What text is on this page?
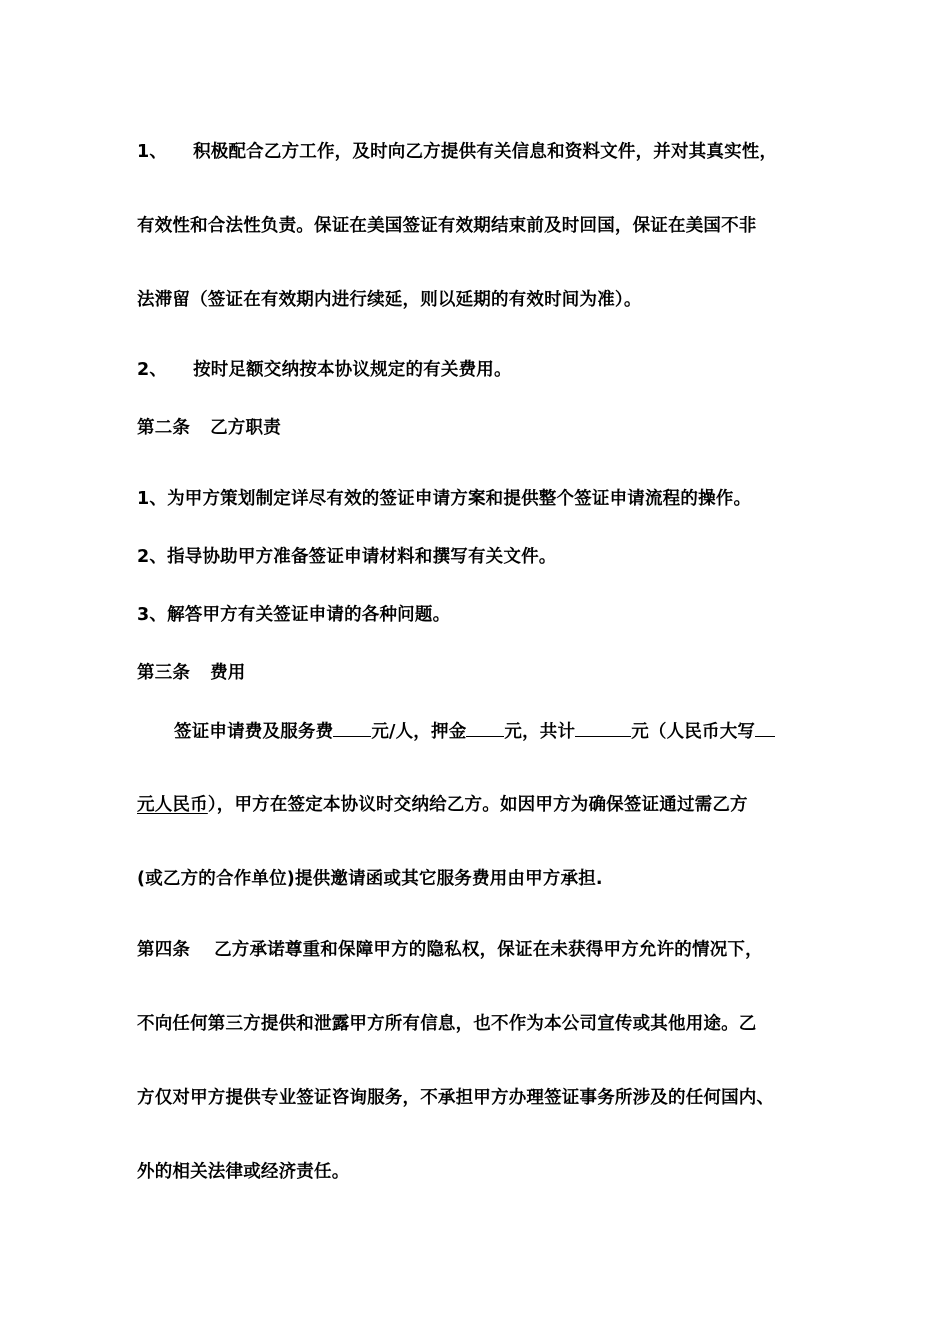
1、 积极配合乙方工作，及时向乙方提供有关信息和资料文件，并对其真实性，
有效性和合法性负责。保证在美国签证有效期结束前及时回国，保证在美国不非
法滞留（签证在有效期内进行续延，则以延期的有效时间为准）。
2、 按时足额交纳按本协议规定的有关费用。
第二条 乙方职责
1、为甲方策划制定详尽有效的签证申请方案和提供整个签证申请流程的操作。
2、指导协助甲方准备签证申请材料和撰写有关文件。
3、解答甲方有关签证申请的各种问题。
第三条 费用
签证申请费及服务费 元/人，押金 元，共计	元（人民币大写
元人民币），甲方在签定本协议时交纳给乙方。如因甲方为确保签证通过需乙方
(或乙方的合作单位)提供邀请函或其它服务费用由甲方承担.
第四条 乙方承诺尊重和保障甲方的隐私权，保证在未获得甲方允许的情况下，
不向任何第三方提供和泄露甲方所有信息，也不作为本公司宣传或其他用途。乙
方仅对甲方提供专业签证咨询服务，不承担甲方办理签证事务所涉及的任何国内、
外的相关法律或经济责任。
